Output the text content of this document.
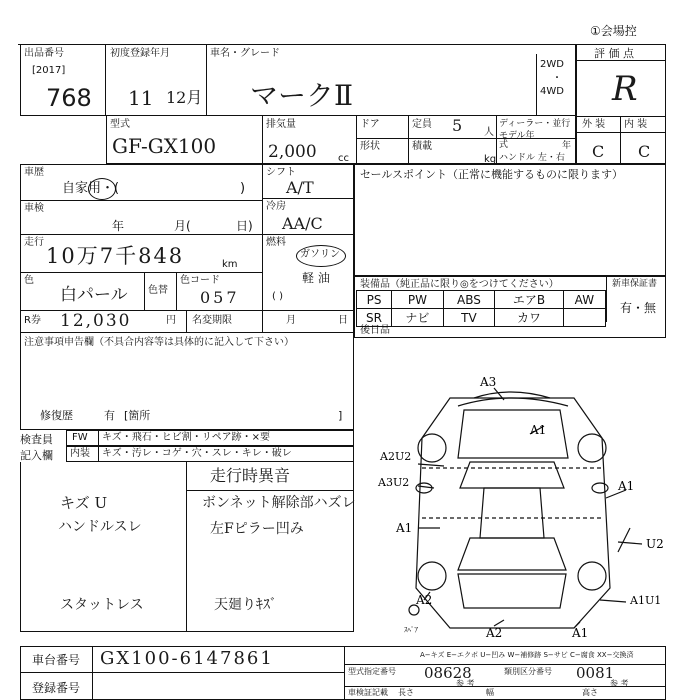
①会場控
出品番号
[2017]
768
初度登録年月
11 12月
車名・グレード
マークⅡ
2WD
・
4WD
評 価 点
R
外 装 内 装
C C
型式
GF-GX100
排気量
2,000 cc
ドア
形状
定員 5 人
積載
kg
ディーラー・並行
モデル年式	年
ハンドル 左・右
車歴
自家用・(	)
車検
年	月(	日)
走行
10万7千848	km
色
白パール 色替
色コード
057
R券 12,030	円 名変期限	月	日
シフト
A/T
冷房
AA/C
燃料
ガソリン
軽 油
( )
注意事項申告欄（不具合内容等は具体的に記入して下さい）
修復歴	有 [箇所	]
セールスポイント（正常に機能するものに限ります）
装備品（純正品に限り◎をつけてください）	新車保証書
有・無
PS	PW	ABS	エアB	AW
SR	ナビ	TV	カワ	
後日品
検査員
記入欄
FW キズ・飛石・ヒビ割・リペア跡・×要
内装 キズ・汚レ・コゲ・穴・スレ・キレ・破レ
走行時異音
キズ U
ハンドルスレ
スタットレス
ボンネット解除部ハズレ
左Fピラー凹み
天廻りｷｽﾞ
A3
A1
A2U2
A3U2
A1
A1
U2
A2	A1U1
ｽﾍﾟｱ	A2	A1
車台番号 GX100-6147861
登録番号
A−キズ E−エクボ U−凹み W−補修跡 S−サビ C−腐食 XX−交換済
型式指定番号 08628	類別区分番号 0081
参 考	参 考
車検証記載 長さ	幅	高さ
